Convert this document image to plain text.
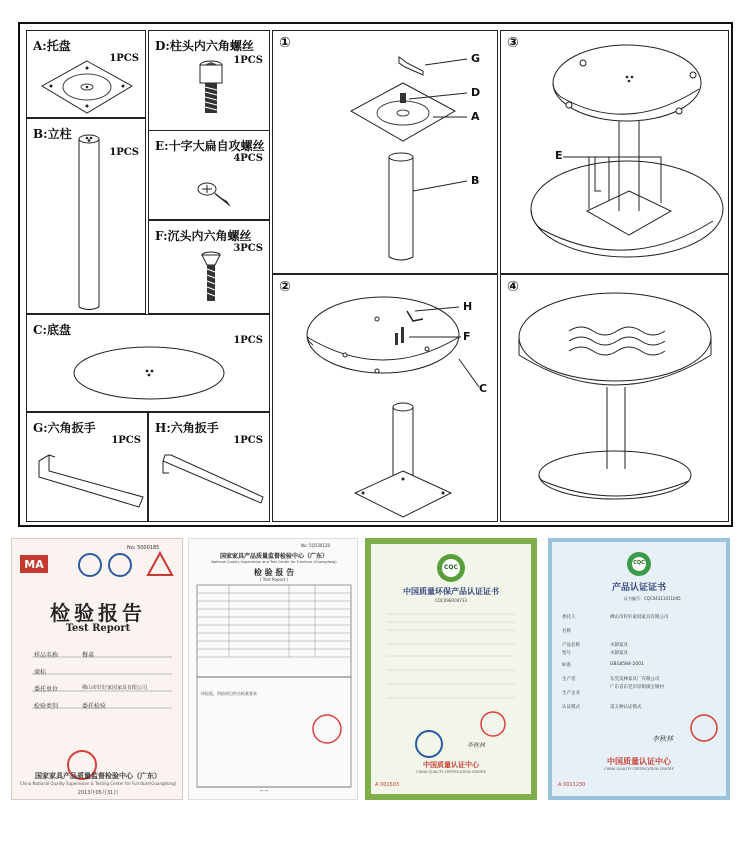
A:托盘
1PCS
B:立柱
1PCS
C:底盘
1PCS
G:六角扳手
1PCS
D:柱头内六角螺丝
1PCS
E:十字大扁自攻螺丝
4PCS
F:沉头内六角螺丝
3PCS
H:六角扳手
1PCS
①
G
D
A
B
②
H
F
C
③
E
④
MA
No: 5000185
检验报告
Test Report
样品名称	餐桌
商标
委托单位	佛山市好好家园家具有限公司
检验类别	委托检验
国家家具产品质量监督检验中心（广东）
China National Quality Supervision & Testing Center for Furniture(Guangdong)
2013年05月31日
No: 5Q130120
国家家具产品质量监督检验中心（广东）
National Quality Supervision and Test Center for Furniture (Guangdong)
检 验 报 告
( Test Report )
⌒⌒
经检验，所检项目符合标准要求
CQC
中国质量环保产品认证证书
CQC09ER04733
李秋林
中国质量认证中心
CHINA QUALITY CERTIFICATION CENTRE
A 001503
CQC
产品认证证书
证书编号：CQC04111011045
委托人	佛山市好好家园家具有限公司
名称
产品名称	木制家具
型号	木制家具
标准	GB18584-2001
生产者	东莞美林家具厂有限公司
生产企业
广东省东莞市厚街镇宝塘村
认证模式	第五种认证模式
李秋林
中国质量认证中心
CHINA QUALITY CERTIFICATION CENTRE
A 0011230
